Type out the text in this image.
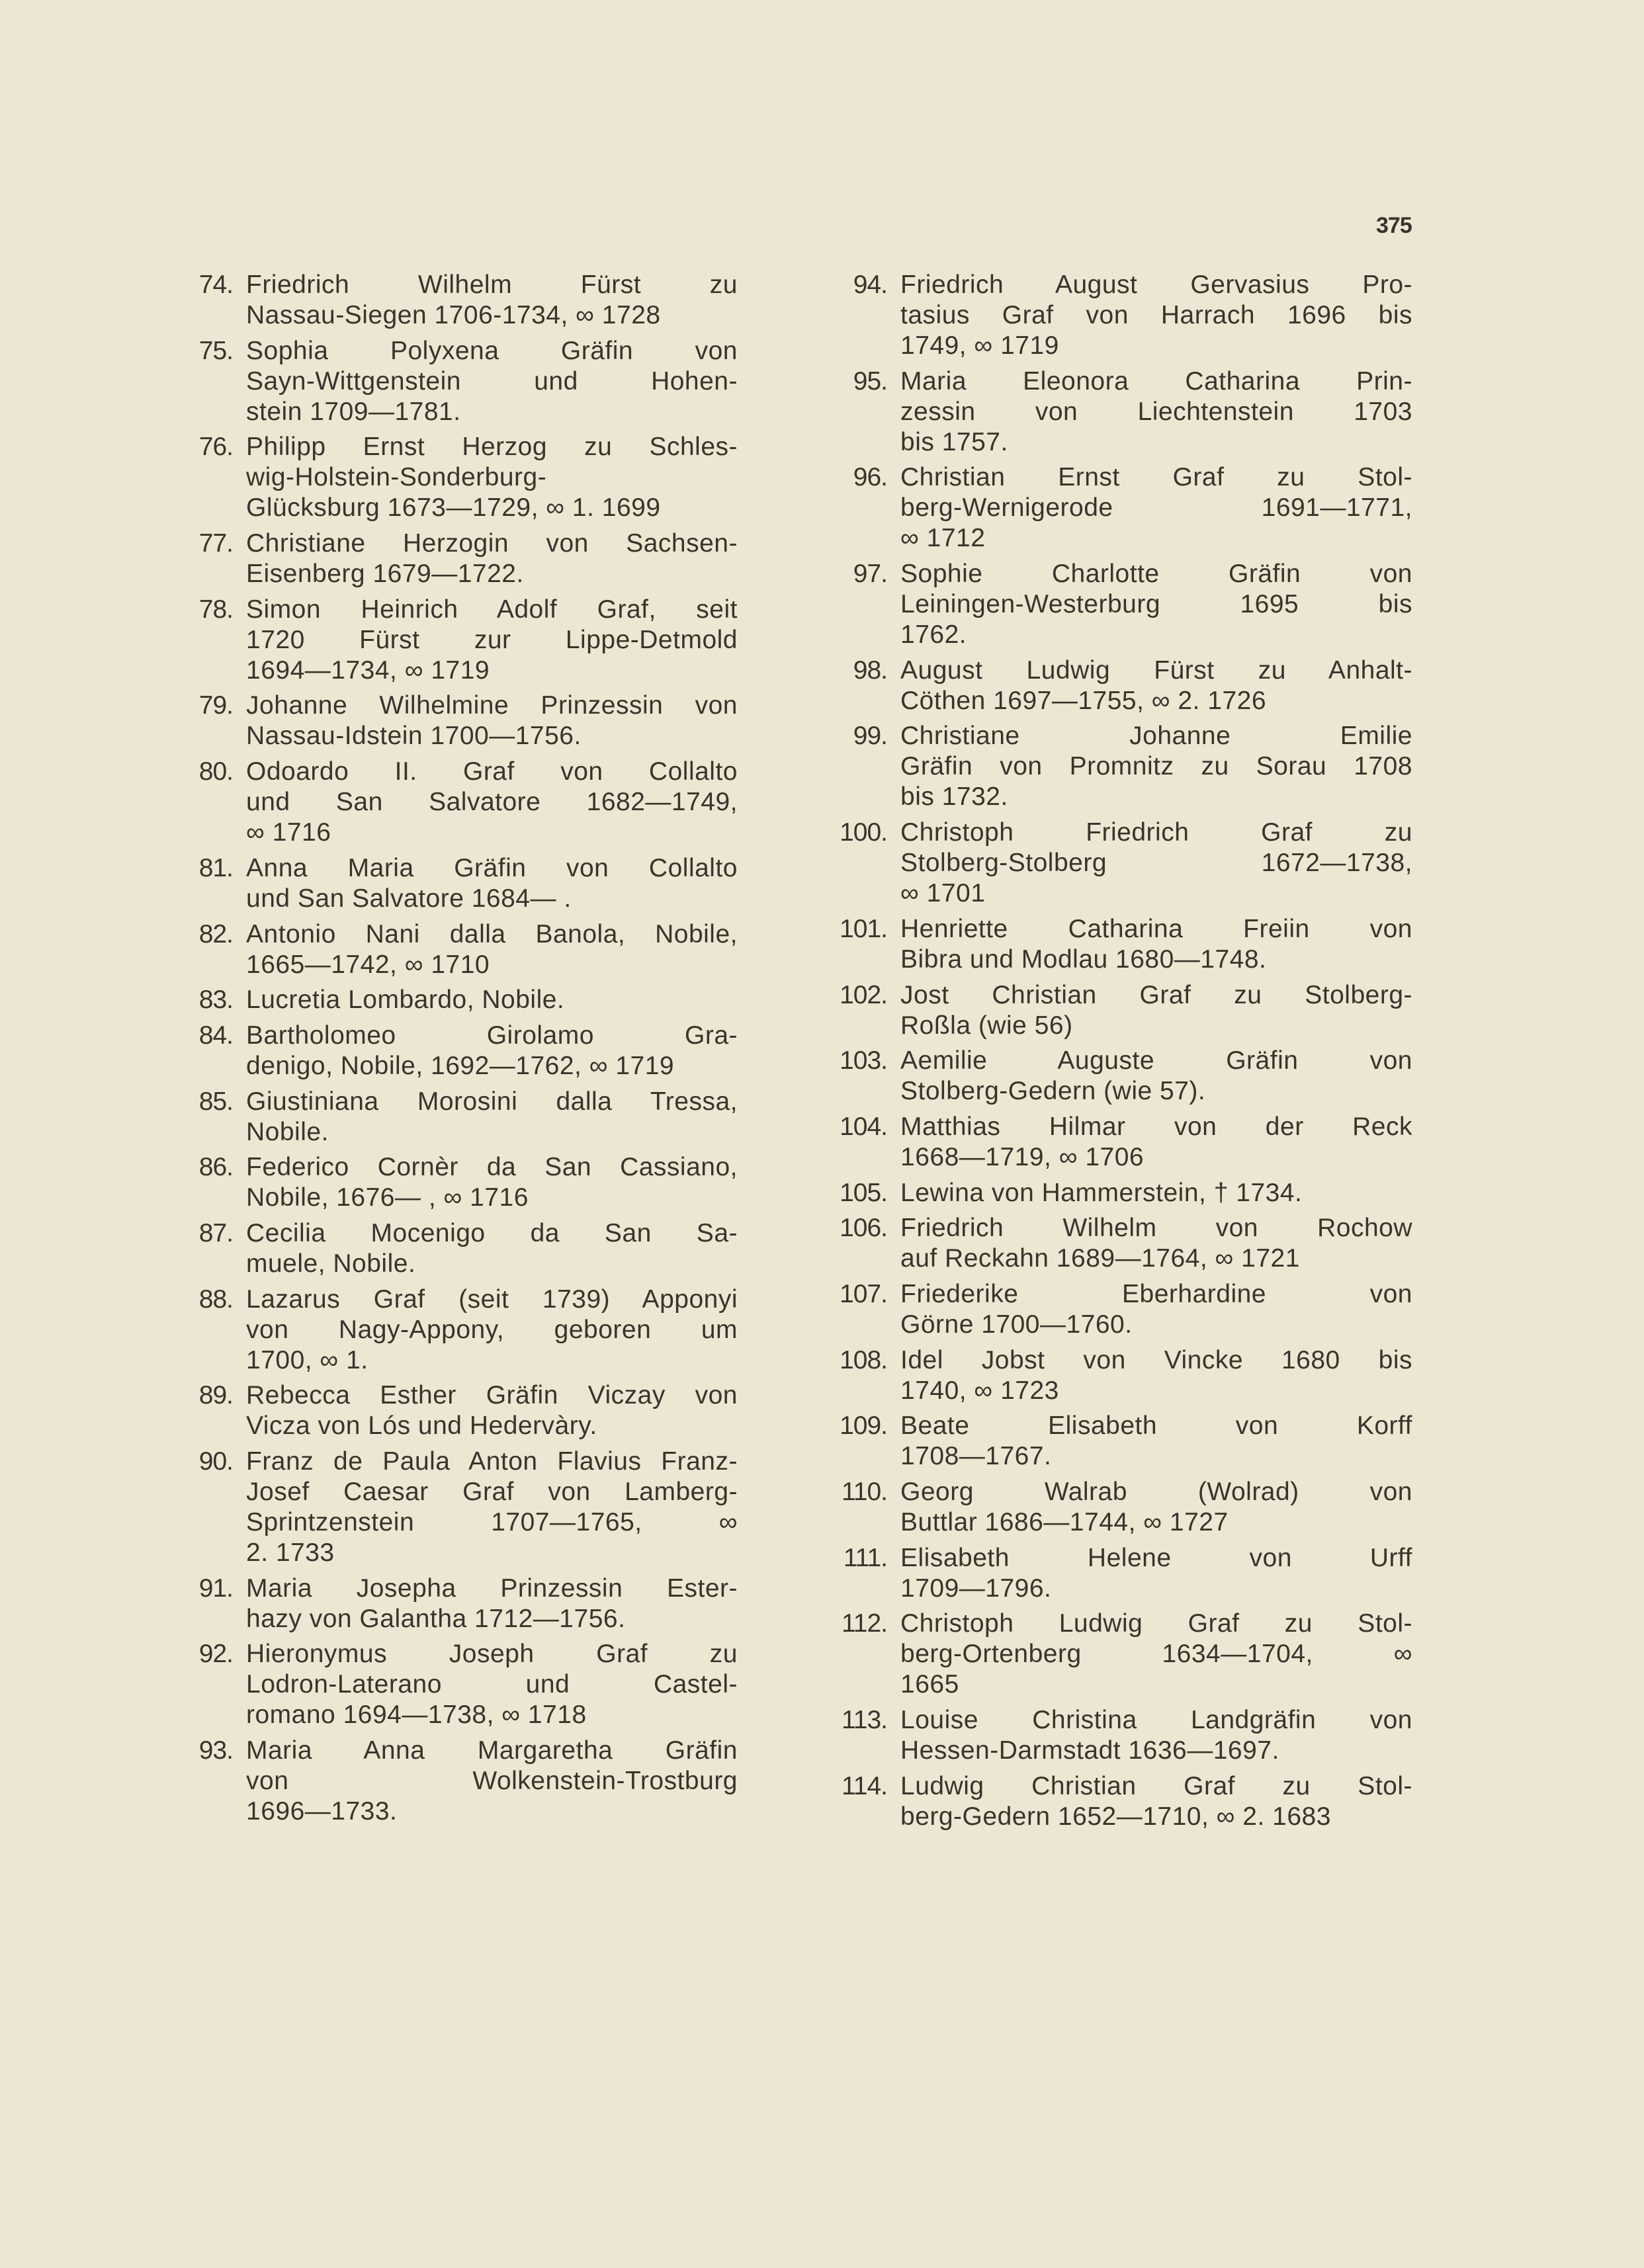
375
74. Friedrich Wilhelm Fürst zu
Nassau-Siegen 1706-1734, ∞ 1728
75. Sophia Polyxena Gräfin von
Sayn-Wittgenstein und Hohen-
stein 1709—1781.
76. Philipp Ernst Herzog zu Schles-
wig-Holstein-Sonderburg-
Glücksburg 1673—1729, ∞ 1. 1699
77. Christiane Herzogin von Sachsen-
Eisenberg 1679—1722.
78. Simon Heinrich Adolf Graf, seit
1720 Fürst zur Lippe-Detmold
1694—1734, ∞ 1719
79. Johanne Wilhelmine Prinzessin von
Nassau-Idstein 1700—1756.
80. Odoardo II. Graf von Collalto
und San Salvatore 1682—1749,
∞ 1716
81. Anna Maria Gräfin von Collalto
und San Salvatore 1684— .
82. Antonio Nani dalla Banola, Nobile,
1665—1742, ∞ 1710
83. Lucretia Lombardo, Nobile.
84. Bartholomeo Girolamo Gra-
denigo, Nobile, 1692—1762, ∞ 1719
85. Giustiniana Morosini dalla Tressa,
Nobile.
86. Federico Cornèr da San Cassiano,
Nobile, 1676— , ∞ 1716
87. Cecilia Mocenigo da San Sa-
muele, Nobile.
88. Lazarus Graf (seit 1739) Apponyi
von Nagy-Appony, geboren um
1700, ∞ 1.
89. Rebecca Esther Gräfin Viczay von
Vicza von Lós und Hedervàry.
90. Franz de Paula Anton Flavius Franz-
Josef Caesar Graf von Lamberg-
Sprintzenstein 1707—1765, ∞
2. 1733
91. Maria Josepha Prinzessin Ester-
hazy von Galantha 1712—1756.
92. Hieronymus Joseph Graf zu
Lodron-Laterano und Castel-
romano 1694—1738, ∞ 1718
93. Maria Anna Margaretha Gräfin
von Wolkenstein-Trostburg
1696—1733.
94. Friedrich August Gervasius Pro-
tasius Graf von Harrach 1696 bis
1749, ∞ 1719
95. Maria Eleonora Catharina Prin-
zessin von Liechtenstein 1703
bis 1757.
96. Christian Ernst Graf zu Stol-
berg-Wernigerode 1691—1771,
∞ 1712
97. Sophie Charlotte Gräfin von
Leiningen-Westerburg 1695 bis
1762.
98. August Ludwig Fürst zu Anhalt-
Cöthen 1697—1755, ∞ 2. 1726
99. Christiane Johanne Emilie
Gräfin von Promnitz zu Sorau 1708
bis 1732.
100. Christoph Friedrich Graf zu
Stolberg-Stolberg 1672—1738,
∞ 1701
101. Henriette Catharina Freiin von
Bibra und Modlau 1680—1748.
102. Jost Christian Graf zu Stolberg-
Roßla (wie 56)
103. Aemilie Auguste Gräfin von
Stolberg-Gedern (wie 57).
104. Matthias Hilmar von der Reck
1668—1719, ∞ 1706
105. Lewina von Hammerstein, † 1734.
106. Friedrich Wilhelm von Rochow
auf Reckahn 1689—1764, ∞ 1721
107. Friederike Eberhardine von
Görne 1700—1760.
108. Idel Jobst von Vincke 1680 bis
1740, ∞ 1723
109. Beate Elisabeth von Korff
1708—1767.
110. Georg Walrab (Wolrad) von
Buttlar 1686—1744, ∞ 1727
111. Elisabeth Helene von Urff
1709—1796.
112. Christoph Ludwig Graf zu Stol-
berg-Ortenberg 1634—1704, ∞
1665
113. Louise Christina Landgräfin von
Hessen-Darmstadt 1636—1697.
114. Ludwig Christian Graf zu Stol-
berg-Gedern 1652—1710, ∞ 2. 1683
